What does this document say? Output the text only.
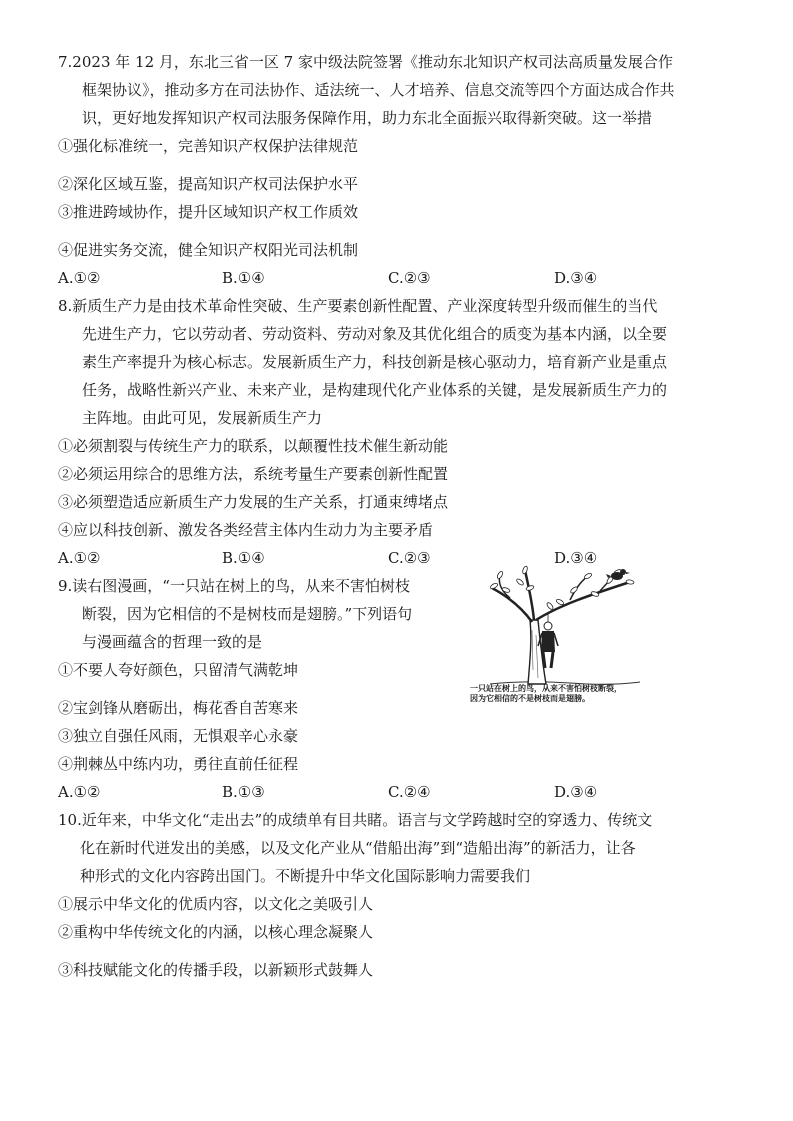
7.2023 年 12 月，东北三省一区 7 家中级法院签署《推动东北知识产权司法高质量发展合作
框架协议》，推动多方在司法协作、适法统一、人才培养、信息交流等四个方面达成合作共
识，更好地发挥知识产权司法服务保障作用，助力东北全面振兴取得新突破。这一举措
①强化标准统一，完善知识产权保护法律规范
②深化区域互鉴，提高知识产权司法保护水平
③推进跨域协作，提升区域知识产权工作质效
④促进实务交流，健全知识产权阳光司法机制
A.①②	B.①④	C.②③	D.③④
8.新质生产力是由技术革命性突破、生产要素创新性配置、产业深度转型升级而催生的当代
先进生产力，它以劳动者、劳动资料、劳动对象及其优化组合的质变为基本内涵，以全要
素生产率提升为核心标志。发展新质生产力，科技创新是核心驱动力，培育新产业是重点
任务，战略性新兴产业、未来产业，是构建现代化产业体系的关键，是发展新质生产力的
主阵地。由此可见，发展新质生产力
①必须割裂与传统生产力的联系，以颠覆性技术催生新动能
②必须运用综合的思维方法，系统考量生产要素创新性配置
③必须塑造适应新质生产力发展的生产关系，打通束缚堵点
④应以科技创新、激发各类经营主体内生动力为主要矛盾
A.①②	B.①④	C.②③	D.③④
9.读右图漫画，“一只站在树上的鸟，从来不害怕树枝
断裂，因为它相信的不是树枝而是翅膀。”下列语句
与漫画蕴含的哲理一致的是
①不要人夸好颜色，只留清气满乾坤
②宝剑锋从磨砺出，梅花香自苦寒来
③独立自强任风雨，无惧艰辛心永豪
④荆棘丛中练内功，勇往直前任征程
A.①②	B.①③	C.②④	D.③④
一只站在树上的鸟，从来不害怕树枝断裂，
因为它相信的不是树枝而是翅膀。
10.近年来，中华文化“走出去”的成绩单有目共睹。语言与文学跨越时空的穿透力、传统文
化在新时代迸发出的美感，以及文化产业从“借船出海”到“造船出海”的新活力，让各
种形式的文化内容跨出国门。不断提升中华文化国际影响力需要我们
①展示中华文化的优质内容，以文化之美吸引人
②重构中华传统文化的内涵，以核心理念凝聚人
③科技赋能文化的传播手段，以新颖形式鼓舞人
